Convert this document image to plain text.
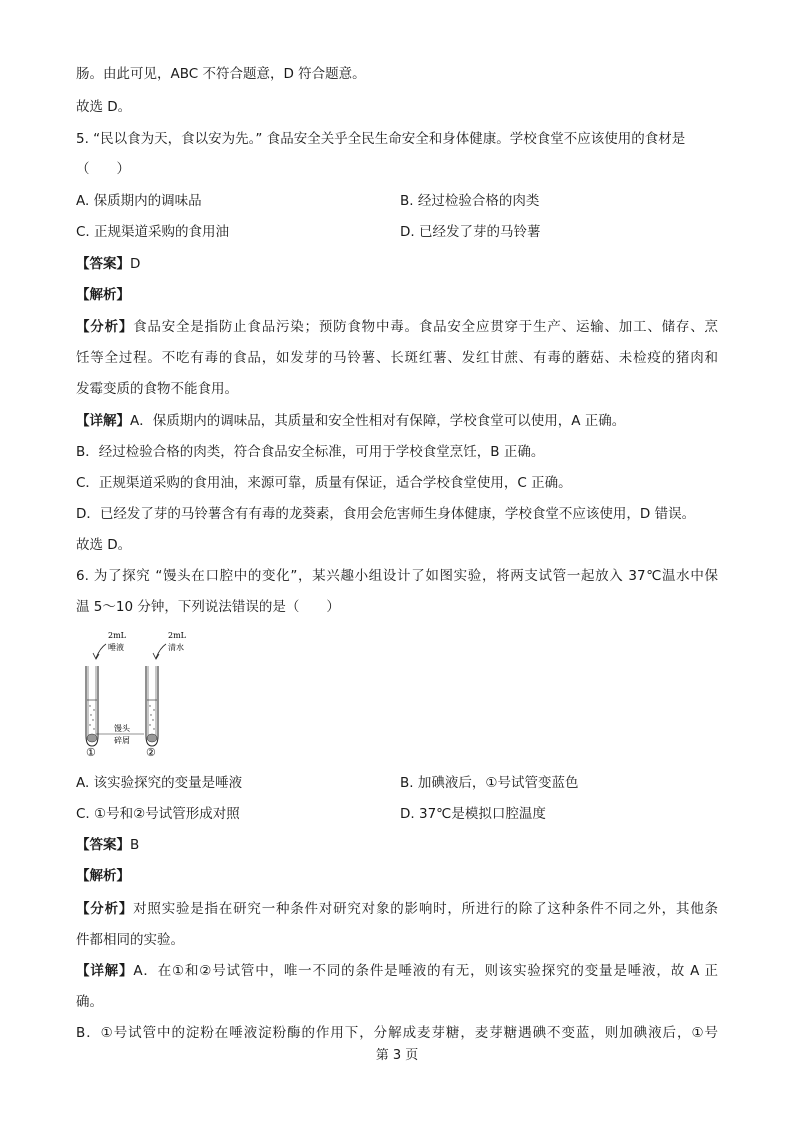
肠。由此可见，ABC 不符合题意，D 符合题意。
故选 D。
5. “民以食为天，食以安为先。” 食品安全关乎全民生命安全和身体健康。学校食堂不应该使用的食材是
（　　）
A. 保质期内的调味品	B. 经过检验合格的肉类
C. 正规渠道采购的食用油	D. 已经发了芽的马铃薯
【答案】D
【解析】
【分析】食品安全是指防止食品污染；预防食物中毒。食品安全应贯穿于生产、运输、加工、储存、烹
饪等全过程。不吃有毒的食品，如发芽的马铃薯、长斑红薯、发红甘蔗、有毒的蘑菇、未检疫的猪肉和
发霉变质的食物不能食用。
【详解】A．保质期内的调味品，其质量和安全性相对有保障，学校食堂可以使用，A 正确。
B．经过检验合格的肉类，符合食品安全标准，可用于学校食堂烹饪，B 正确。
C．正规渠道采购的食用油，来源可靠，质量有保证，适合学校食堂使用，C 正确。
D．已经发了芽的马铃薯含有有毒的龙葵素，食用会危害师生身体健康，学校食堂不应该使用，D 错误。
故选 D。
6. 为了探究 “馒头在口腔中的变化”，某兴趣小组设计了如图实验，将两支试管一起放入 37℃温水中保
温 5～10 分钟，下列说法错误的是（　　）
2mL
唾液
2mL
清水
馒头
碎屑
①	②
A. 该实验探究的变量是唾液	B. 加碘液后，①号试管变蓝色
C. ①号和②号试管形成对照	D. 37℃是模拟口腔温度
【答案】B
【解析】
【分析】对照实验是指在研究一种条件对研究对象的影响时，所进行的除了这种条件不同之外，其他条
件都相同的实验。
【详解】A．在①和②号试管中，唯一不同的条件是唾液的有无，则该实验探究的变量是唾液，故 A 正
确。
B．①号试管中的淀粉在唾液淀粉酶的作用下，分解成麦芽糖，麦芽糖遇碘不变蓝，则加碘液后，①号
第 3 页
